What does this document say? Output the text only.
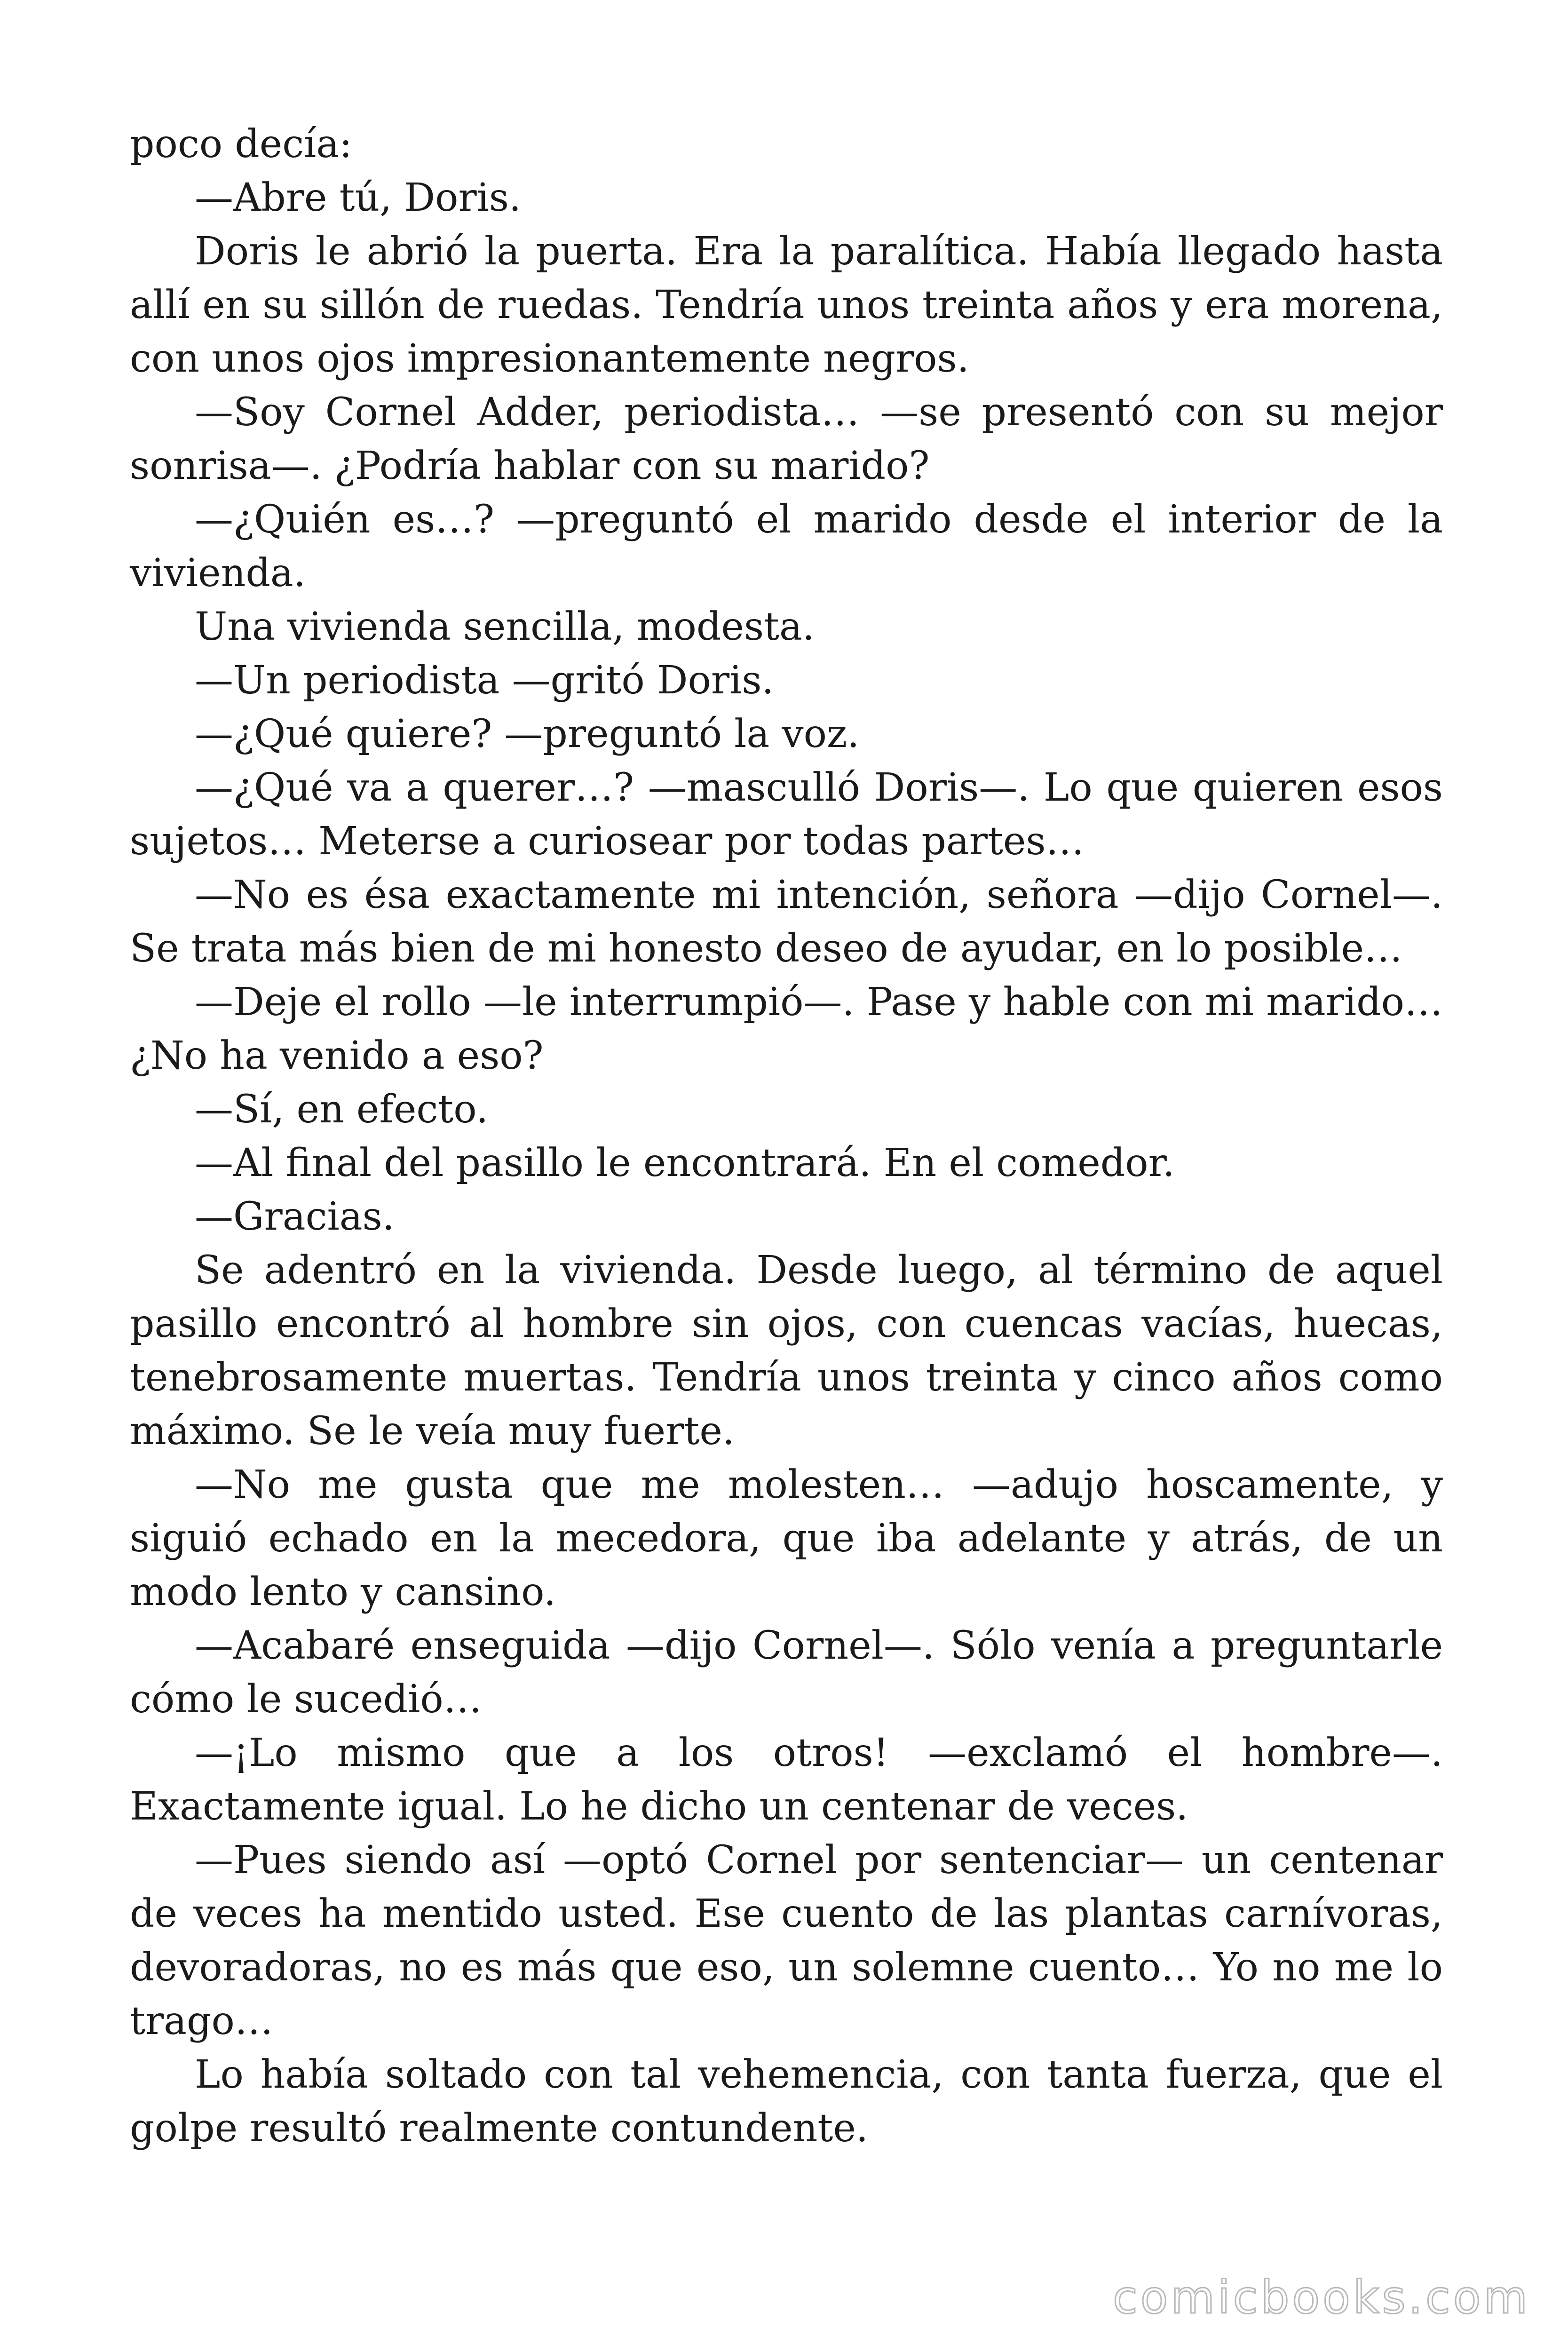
poco decía:

—Abre tú, Doris.

Doris le abrió la puerta. Era la paralítica. Había llegado hasta allí en su sillón de ruedas. Tendría unos treinta años y era morena, con unos ojos impresionantemente negros.

—Soy Cornel Adder, periodista… —se presentó con su mejor sonrisa—. ¿Podría hablar con su marido?

—¿Quién es…? —preguntó el marido desde el interior de la vivienda.

Una vivienda sencilla, modesta.

—Un periodista —gritó Doris.

—¿Qué quiere? —preguntó la voz.

—¿Qué va a querer…? —masculló Doris—. Lo que quieren esos sujetos… Meterse a curiosear por todas partes…

—No es ésa exactamente mi intención, señora —dijo Cornel—. Se trata más bien de mi honesto deseo de ayudar, en lo posible…

—Deje el rollo —le interrumpió—. Pase y hable con mi marido… ¿No ha venido a eso?

—Sí, en efecto.

—Al final del pasillo le encontrará. En el comedor.

—Gracias.

Se adentró en la vivienda. Desde luego, al término de aquel pasillo encontró al hombre sin ojos, con cuencas vacías, huecas, tenebrosamente muertas. Tendría unos treinta y cinco años como máximo. Se le veía muy fuerte.

—No me gusta que me molesten… —adujo hoscamente, y siguió echado en la mecedora, que iba adelante y atrás, de un modo lento y cansino.

—Acabaré enseguida —dijo Cornel—. Sólo venía a preguntarle cómo le sucedió…

—¡Lo mismo que a los otros! —exclamó el hombre—. Exactamente igual. Lo he dicho un centenar de veces.

—Pues siendo así —optó Cornel por sentenciar— un centenar de veces ha mentido usted. Ese cuento de las plantas carnívoras, devoradoras, no es más que eso, un solemne cuento… Yo no me lo trago…

Lo había soltado con tal vehemencia, con tanta fuerza, que el golpe resultó realmente contundente.

comicbooks.com
